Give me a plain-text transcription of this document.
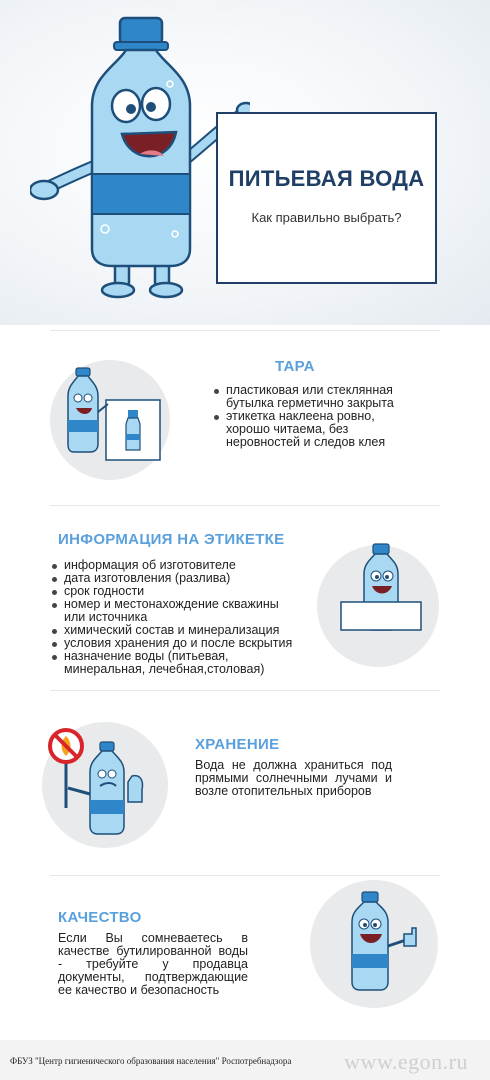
ПИТЬЕВАЯ ВОДА
Как правильно выбрать?
ТАРА
пластиковая или стеклянная бутылка герметично закрыта
этикетка наклеена ровно, хорошо читаема, без неровностей и следов клея
ИНФОРМАЦИЯ НА ЭТИКЕТКЕ
информация об изготовителе
дата изготовления (разлива)
срок годности
номер и местонахождение скважины или источника
химический состав и минерализация
условия хранения до и после вскрытия
назначение воды (питьевая, минеральная, лечебная,столовая)
ХРАНЕНИЕ
Вода не должна храниться под прямыми солнечными лучами и возле отопительных приборов
КАЧЕСТВО
Если Вы сомневаетесь в качестве бутилированной воды - требуйте у продавца документы, подтверждающие ее качество и безопасность
ФБУЗ "Центр гигиенического образования населения" Роспотребнадзора www.egon.ru
